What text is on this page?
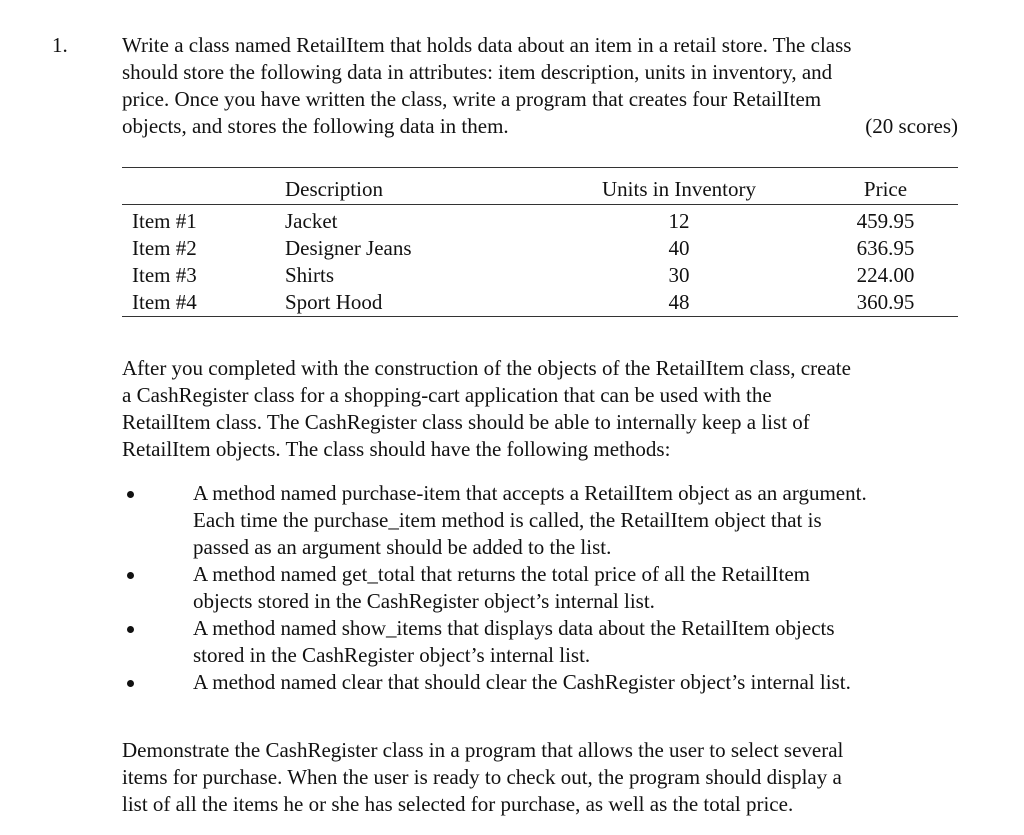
1.	Write a class named RetailItem that holds data about an item in a retail store. The class
should store the following data in attributes: item description, units in inventory, and
price. Once you have written the class, write a program that creates four RetailItem
objects, and stores the following data in them.	(20 scores)
	Description	Units in Inventory	Price
Item #1	Jacket	12	459.95
Item #2	Designer Jeans	40	636.95
Item #3	Shirts	30	224.00
Item #4	Sport Hood	48	360.95
After you completed with the construction of the objects of the RetailItem class, create
a CashRegister class for a shopping-cart application that can be used with the
RetailItem class. The CashRegister class should be able to internally keep a list of
RetailItem objects. The class should have the following methods:
A method named purchase-item that accepts a RetailItem object as an argument.
Each time the purchase_item method is called, the RetailItem object that is
passed as an argument should be added to the list.
A method named get_total that returns the total price of all the RetailItem
objects stored in the CashRegister object’s internal list.
A method named show_items that displays data about the RetailItem objects
stored in the CashRegister object’s internal list.
A method named clear that should clear the CashRegister object’s internal list.
Demonstrate the CashRegister class in a program that allows the user to select several
items for purchase. When the user is ready to check out, the program should display a
list of all the items he or she has selected for purchase, as well as the total price.
